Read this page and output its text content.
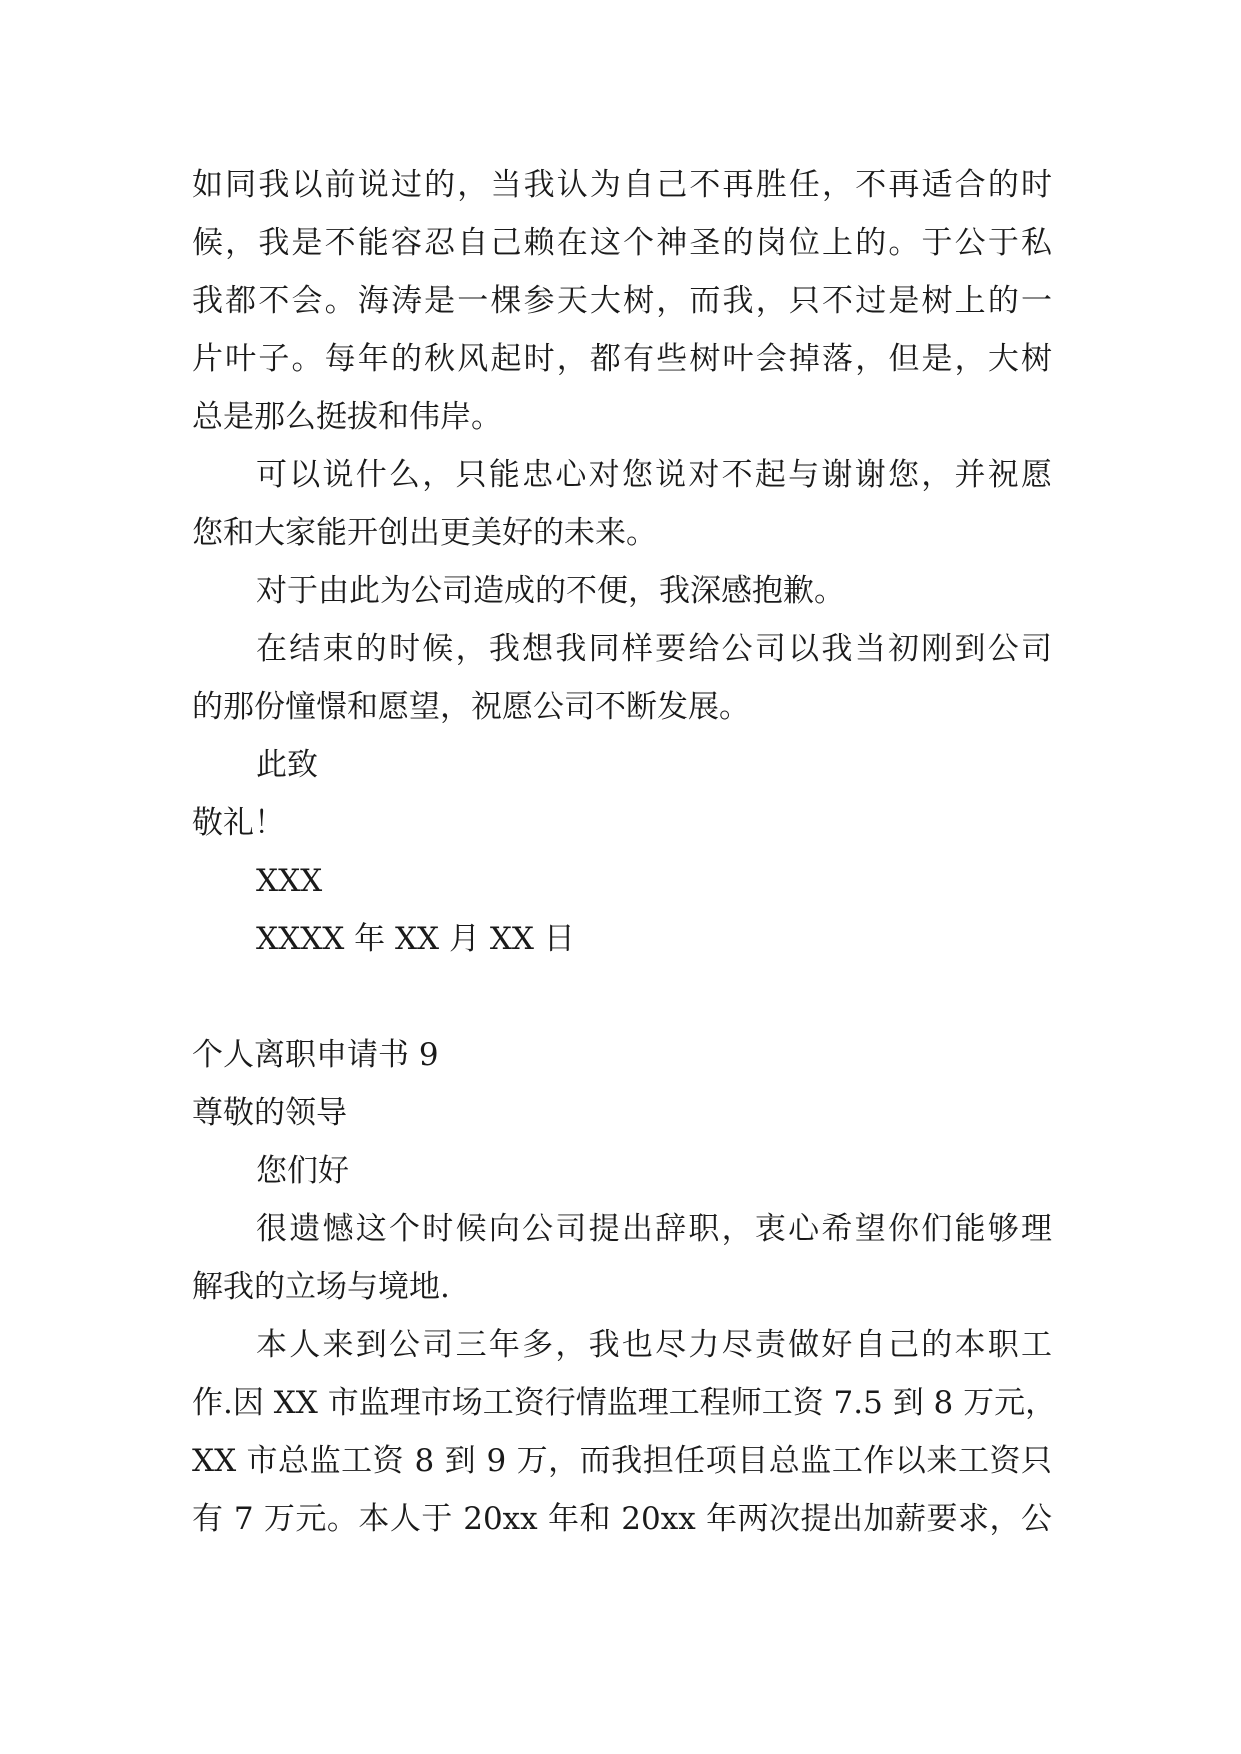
如同我以前说过的，当我认为自己不再胜任，不再适合的时
候，我是不能容忍自己赖在这个神圣的岗位上的。于公于私
我都不会。海涛是一棵参天大树，而我，只不过是树上的一
片叶子。每年的秋风起时，都有些树叶会掉落，但是，大树
总是那么挺拔和伟岸。
可以说什么，只能忠心对您说对不起与谢谢您，并祝愿
您和大家能开创出更美好的未来。
对于由此为公司造成的不便，我深感抱歉。
在结束的时候，我想我同样要给公司以我当初刚到公司
的那份憧憬和愿望，祝愿公司不断发展。
此致
敬礼！
XXX
XXXX 年 XX 月 XX 日
个人离职申请书 9
尊敬的领导
您们好
很遗憾这个时候向公司提出辞职，衷心希望你们能够理
解我的立场与境地.
本人来到公司三年多，我也尽力尽责做好自己的本职工
作.因 XX 市监理市场工资行情监理工程师工资 7.5 到 8 万元，
XX 市总监工资 8 到 9 万，而我担任项目总监工作以来工资只
有 7 万元。本人于 20xx 年和 20xx 年两次提出加薪要求，公
